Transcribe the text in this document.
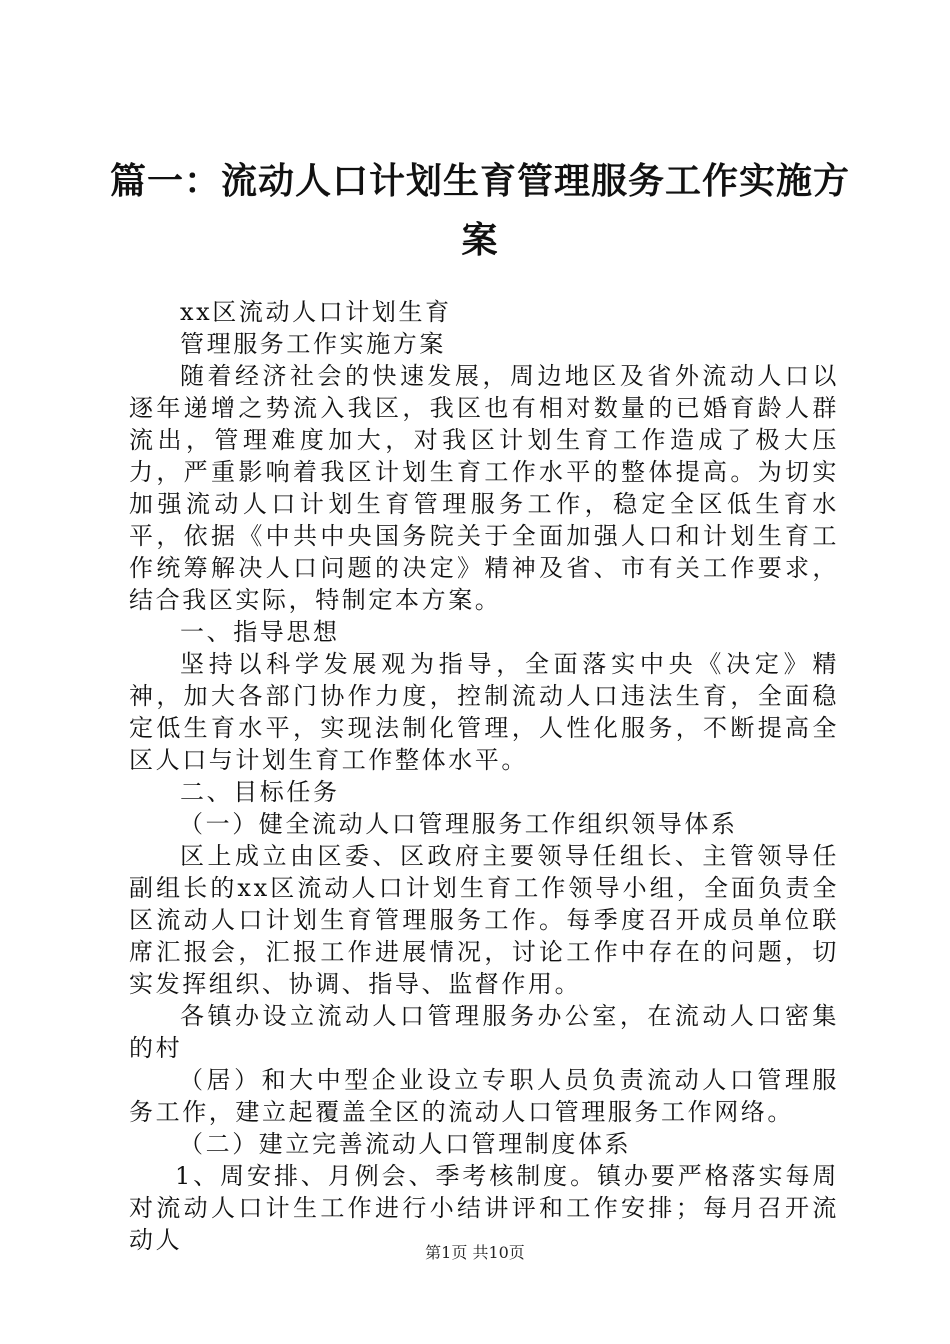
篇一：流动人口计划生育管理服务工作实施方案

xx区流动人口计划生育

管理服务工作实施方案

随着经济社会的快速发展，周边地区及省外流动人口以逐年递增之势流入我区，我区也有相对数量的已婚育龄人群流出，管理难度加大，对我区计划生育工作造成了极大压力，严重影响着我区计划生育工作水平的整体提高。为切实加强流动人口计划生育管理服务工作，稳定全区低生育水平，依据《中共中央国务院关于全面加强人口和计划生育工作统筹解决人口问题的决定》精神及省、市有关工作要求，结合我区实际，特制定本方案。

一、指导思想

坚持以科学发展观为指导，全面落实中央《决定》精神，加大各部门协作力度，控制流动人口违法生育，全面稳定低生育水平，实现法制化管理，人性化服务，不断提高全区人口与计划生育工作整体水平。

二、目标任务

（一）健全流动人口管理服务工作组织领导体系

区上成立由区委、区政府主要领导任组长、主管领导任副组长的xx区流动人口计划生育工作领导小组，全面负责全区流动人口计划生育管理服务工作。每季度召开成员单位联席汇报会，汇报工作进展情况，讨论工作中存在的问题，切实发挥组织、协调、指导、监督作用。

各镇办设立流动人口管理服务办公室，在流动人口密集的村

（居）和大中型企业设立专职人员负责流动人口管理服务工作，建立起覆盖全区的流动人口管理服务工作网络。

（二）建立完善流动人口管理制度体系

1、周安排、月例会、季考核制度。镇办要严格落实每周对流动人口计生工作进行小结讲评和工作安排；每月召开流动人	第1页 共10页
